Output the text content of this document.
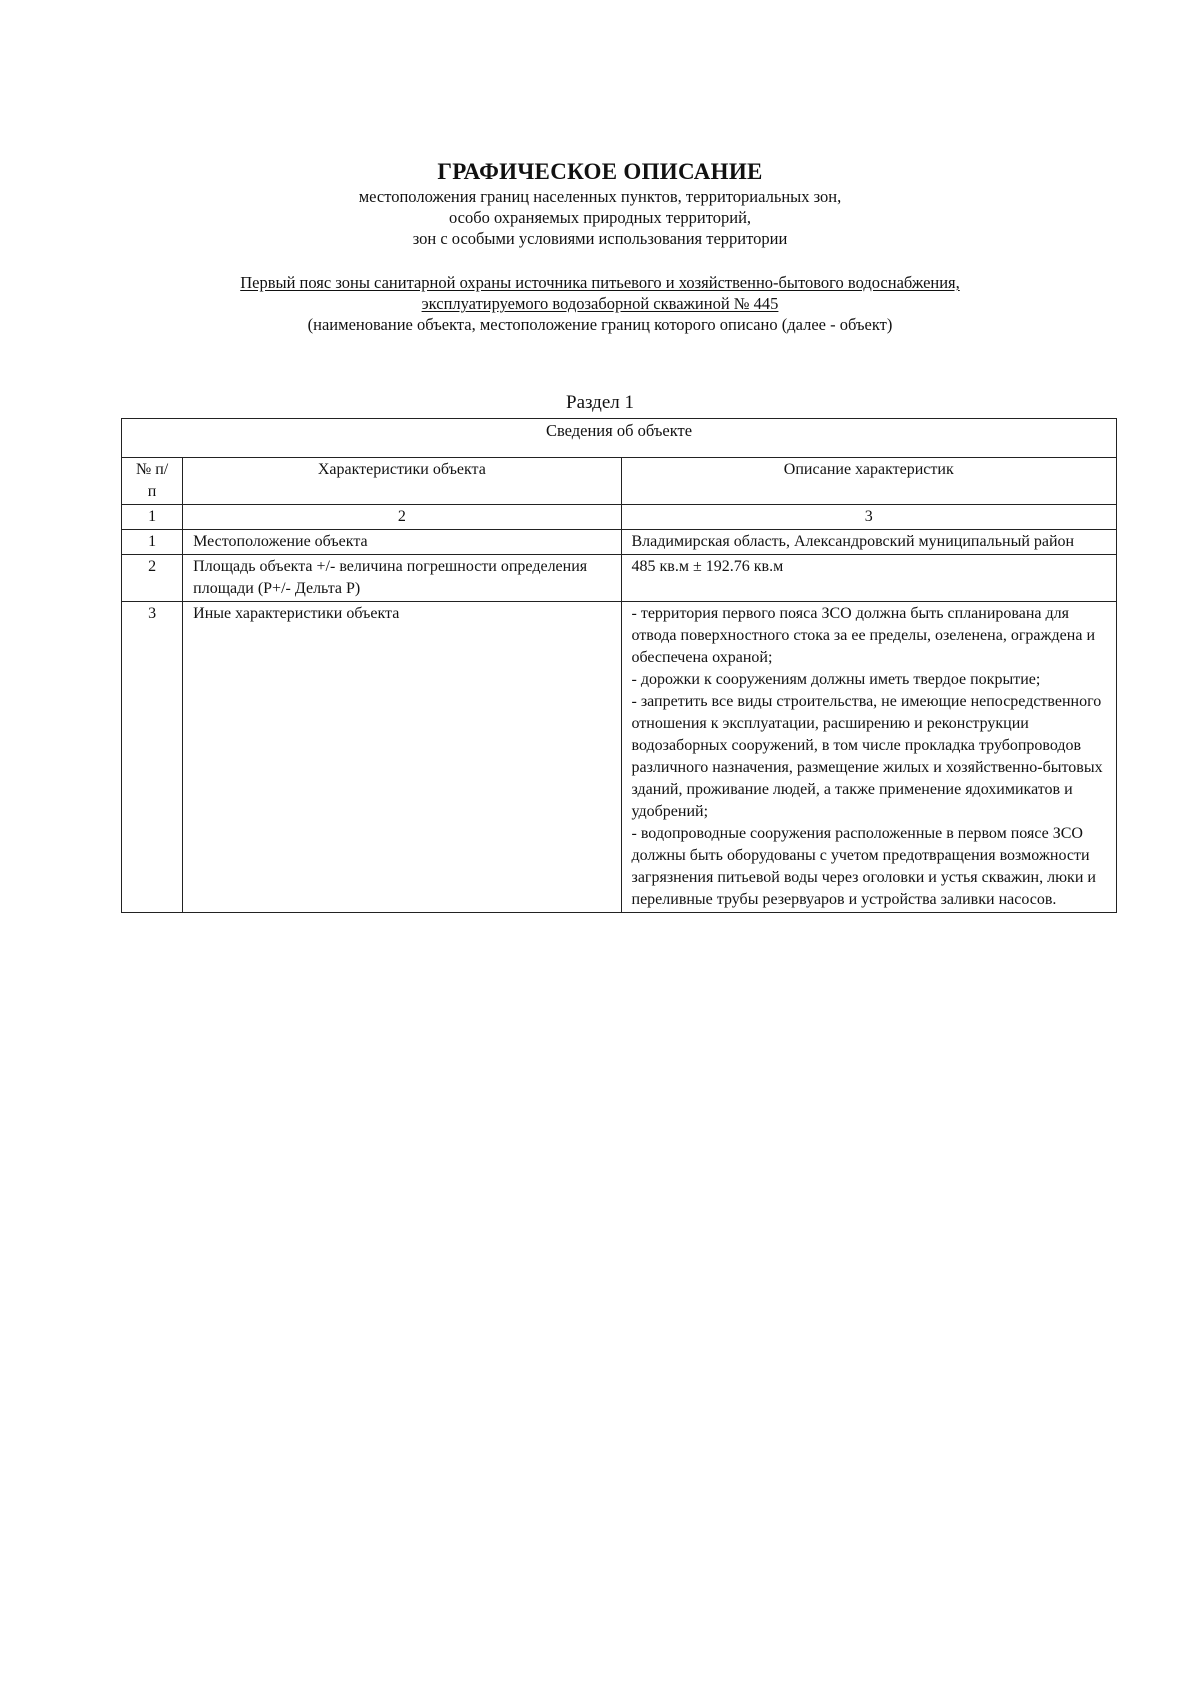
ГРАФИЧЕСКОЕ ОПИСАНИЕ
местоположения границ населенных пунктов, территориальных зон,
особо охраняемых природных территорий,
зон с особыми условиями использования территории
Первый пояс зоны санитарной охраны источника питьевого и хозяйственно-бытового водоснабжения,
эксплуатируемого водозаборной скважиной № 445
(наименование объекта, местоположение границ которого описано (далее - объект)
Раздел 1
Сведения об объекте		
№ п/п	Характеристики объекта	Описание характеристик
1	2	3
1	Местоположение объекта	Владимирская область, Александровский муниципальный район
2	Площадь объекта +/- величина погрешности определения площади (P+/- Дельта P)	485 кв.м ± 192.76 кв.м
3	Иные характеристики объекта	- территория первого пояса ЗСО должна быть спланирована для отвода поверхностного стока за ее пределы, озеленена, ограждена и обеспечена охраной;
- дорожки к сооружениям должны иметь твердое покрытие;
- запретить все виды строительства, не имеющие непосредственного отношения к эксплуатации, расширению и реконструкции водозаборных сооружений, в том числе прокладка трубопроводов различного назначения, размещение жилых и хозяйственно-бытовых зданий, проживание людей, а также применение ядохимикатов и удобрений;
- водопроводные сооружения расположенные в первом поясе ЗСО должны быть оборудованы с учетом предотвращения возможности загрязнения питьевой воды через оголовки и устья скважин, люки и переливные трубы резервуаров и устройства заливки насосов.
